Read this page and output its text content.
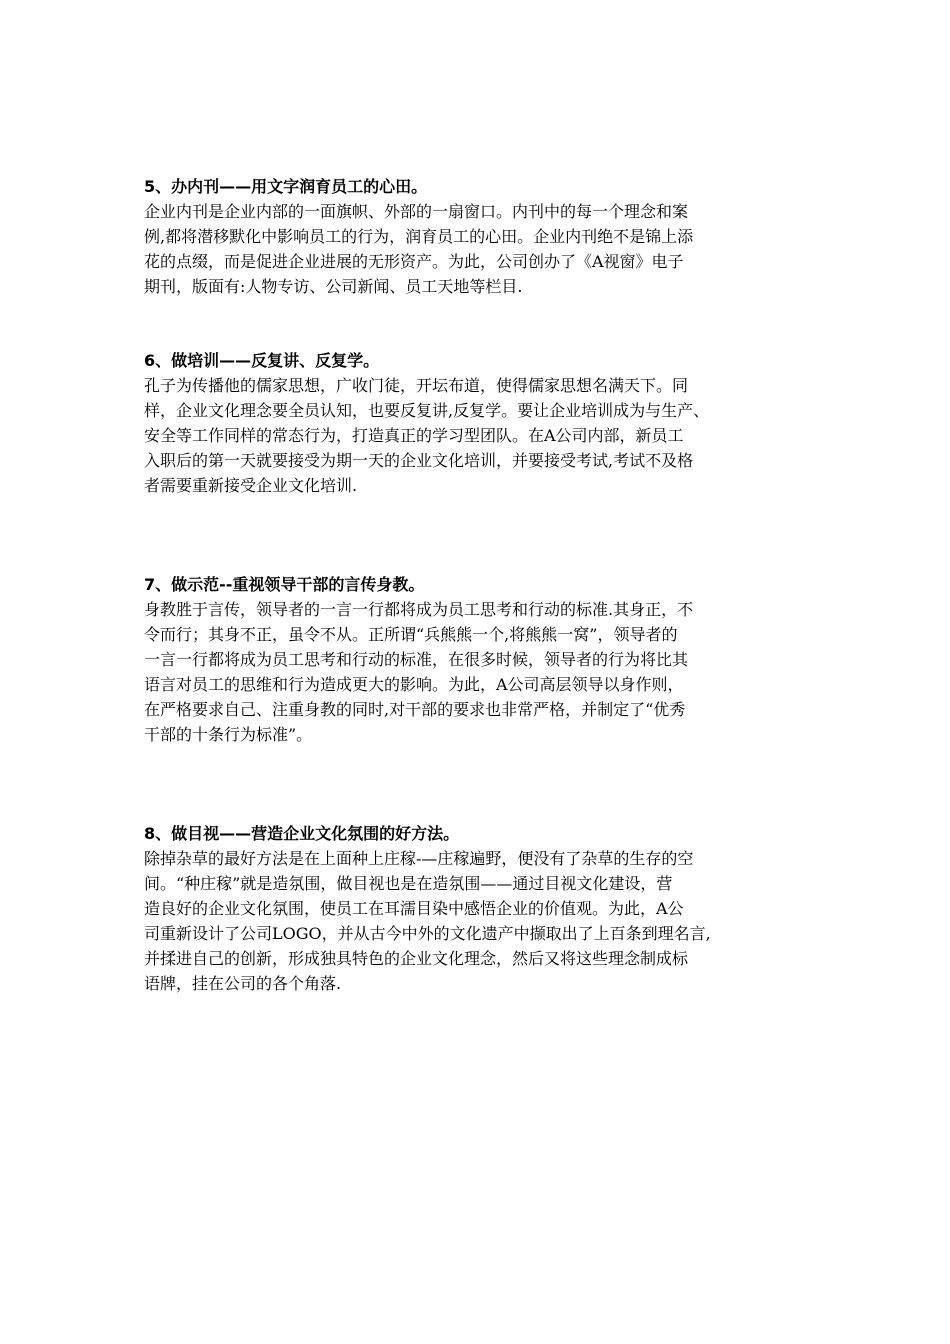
5、办内刊——用文字润育员工的心田。
企业内刊是企业内部的一面旗帜、外部的一扇窗口。内刊中的每一个理念和案
例,都将潜移默化中影响员工的行为，润育员工的心田。企业内刊绝不是锦上添
花的点缀，而是促进企业进展的无形资产。为此，公司创办了《A视窗》电子
期刊，版面有:人物专访、公司新闻、员工天地等栏目.
6、做培训——反复讲、反复学。
孔子为传播他的儒家思想，广收门徒，开坛布道，使得儒家思想名满天下。同
样，企业文化理念要全员认知，也要反复讲,反复学。要让企业培训成为与生产、
安全等工作同样的常态行为，打造真正的学习型团队。在A公司内部，新员工
入职后的第一天就要接受为期一天的企业文化培训，并要接受考试,考试不及格
者需要重新接受企业文化培训.
7、做示范--重视领导干部的言传身教。
身教胜于言传，领导者的一言一行都将成为员工思考和行动的标准.其身正，不
令而行；其身不正，虽令不从。正所谓“兵熊熊一个,将熊熊一窝”，领导者的
一言一行都将成为员工思考和行动的标准，在很多时候，领导者的行为将比其
语言对员工的思维和行为造成更大的影响。为此，A公司高层领导以身作则，
在严格要求自己、注重身教的同时,对干部的要求也非常严格，并制定了“优秀
干部的十条行为标准”。
8、做目视——营造企业文化氛围的好方法。
除掉杂草的最好方法是在上面种上庄稼-—庄稼遍野，便没有了杂草的生存的空
间。“种庄稼”就是造氛围，做目视也是在造氛围——通过目视文化建设，营
造良好的企业文化氛围，使员工在耳濡目染中感悟企业的价值观。为此，A公
司重新设计了公司LOGO，并从古今中外的文化遗产中撷取出了上百条到理名言,
并揉进自己的创新，形成独具特色的企业文化理念，然后又将这些理念制成标
语牌，挂在公司的各个角落.
